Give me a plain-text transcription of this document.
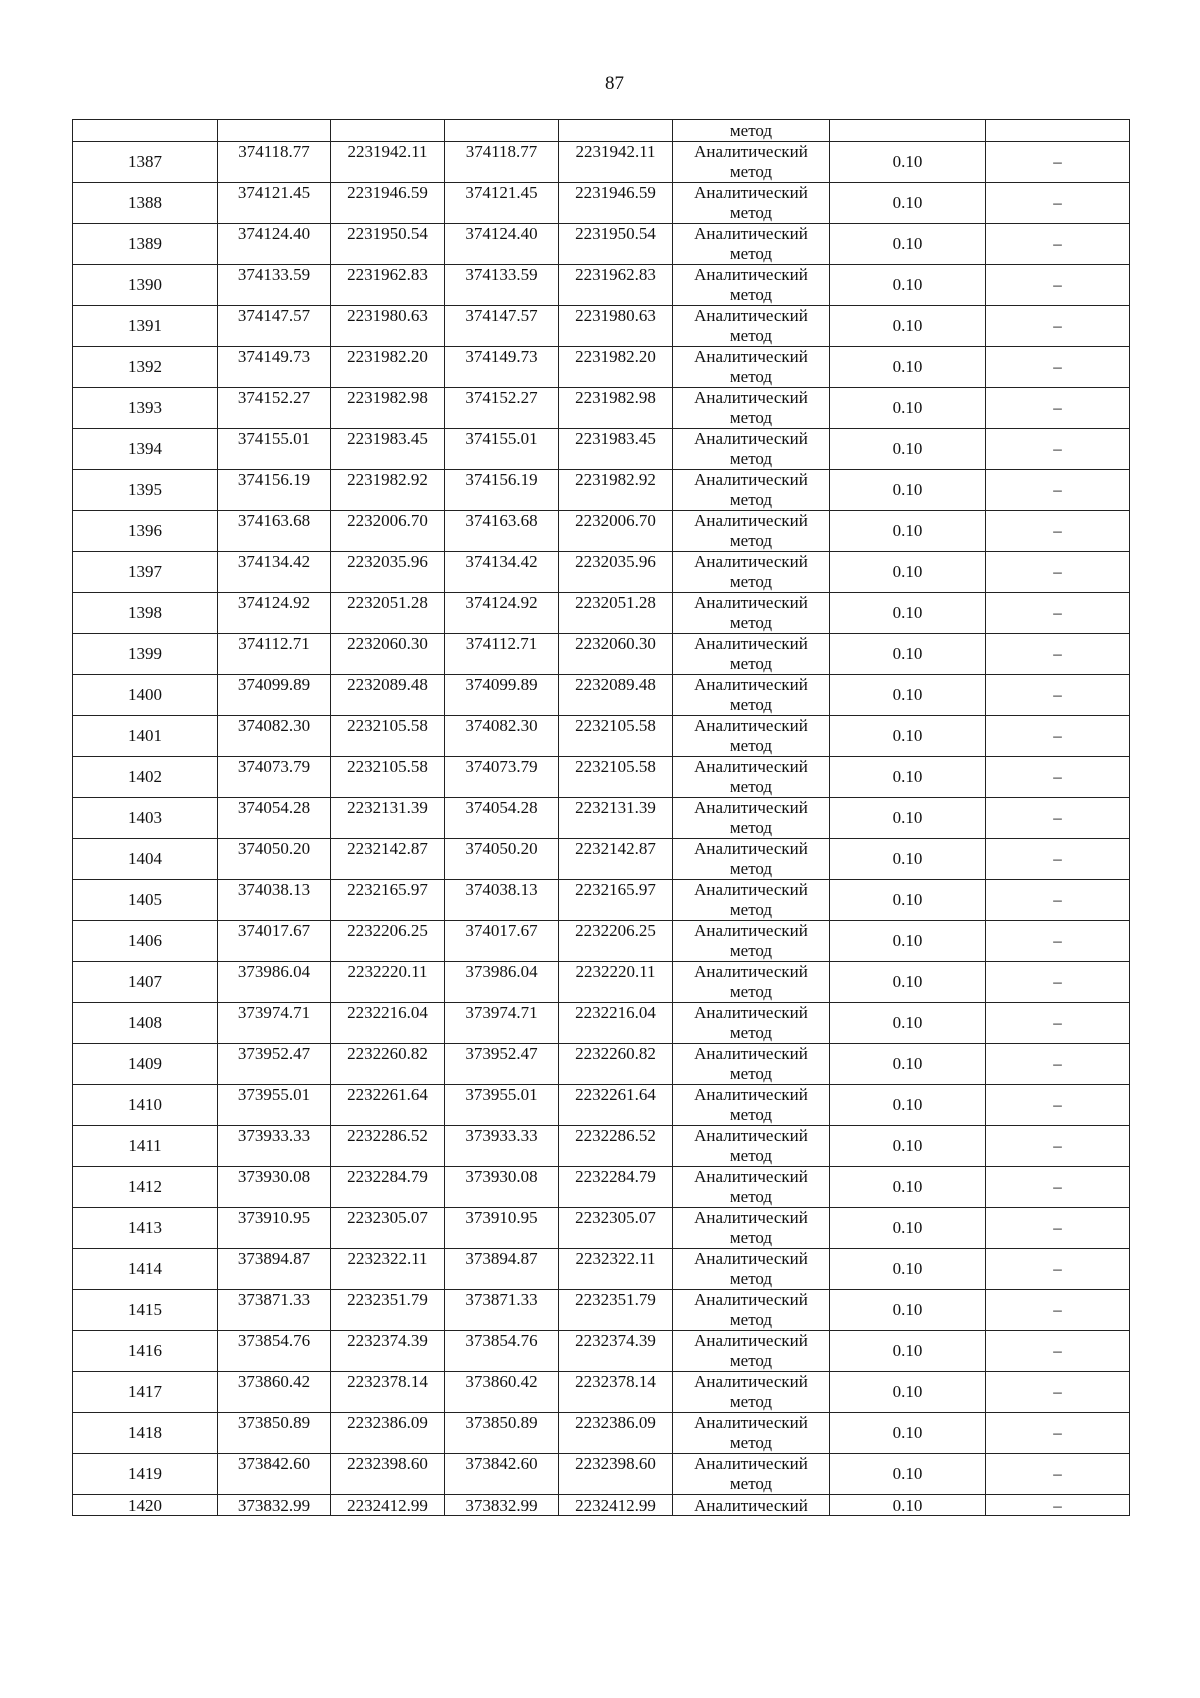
87
					метод		
1387	374118.77	2231942.11	374118.77	2231942.11	Аналитический
метод	0.10	–
1388	374121.45	2231946.59	374121.45	2231946.59	Аналитический
метод	0.10	–
1389	374124.40	2231950.54	374124.40	2231950.54	Аналитический
метод	0.10	–
1390	374133.59	2231962.83	374133.59	2231962.83	Аналитический
метод	0.10	–
1391	374147.57	2231980.63	374147.57	2231980.63	Аналитический
метод	0.10	–
1392	374149.73	2231982.20	374149.73	2231982.20	Аналитический
метод	0.10	–
1393	374152.27	2231982.98	374152.27	2231982.98	Аналитический
метод	0.10	–
1394	374155.01	2231983.45	374155.01	2231983.45	Аналитический
метод	0.10	–
1395	374156.19	2231982.92	374156.19	2231982.92	Аналитический
метод	0.10	–
1396	374163.68	2232006.70	374163.68	2232006.70	Аналитический
метод	0.10	–
1397	374134.42	2232035.96	374134.42	2232035.96	Аналитический
метод	0.10	–
1398	374124.92	2232051.28	374124.92	2232051.28	Аналитический
метод	0.10	–
1399	374112.71	2232060.30	374112.71	2232060.30	Аналитический
метод	0.10	–
1400	374099.89	2232089.48	374099.89	2232089.48	Аналитический
метод	0.10	–
1401	374082.30	2232105.58	374082.30	2232105.58	Аналитический
метод	0.10	–
1402	374073.79	2232105.58	374073.79	2232105.58	Аналитический
метод	0.10	–
1403	374054.28	2232131.39	374054.28	2232131.39	Аналитический
метод	0.10	–
1404	374050.20	2232142.87	374050.20	2232142.87	Аналитический
метод	0.10	–
1405	374038.13	2232165.97	374038.13	2232165.97	Аналитический
метод	0.10	–
1406	374017.67	2232206.25	374017.67	2232206.25	Аналитический
метод	0.10	–
1407	373986.04	2232220.11	373986.04	2232220.11	Аналитический
метод	0.10	–
1408	373974.71	2232216.04	373974.71	2232216.04	Аналитический
метод	0.10	–
1409	373952.47	2232260.82	373952.47	2232260.82	Аналитический
метод	0.10	–
1410	373955.01	2232261.64	373955.01	2232261.64	Аналитический
метод	0.10	–
1411	373933.33	2232286.52	373933.33	2232286.52	Аналитический
метод	0.10	–
1412	373930.08	2232284.79	373930.08	2232284.79	Аналитический
метод	0.10	–
1413	373910.95	2232305.07	373910.95	2232305.07	Аналитический
метод	0.10	–
1414	373894.87	2232322.11	373894.87	2232322.11	Аналитический
метод	0.10	–
1415	373871.33	2232351.79	373871.33	2232351.79	Аналитический
метод	0.10	–
1416	373854.76	2232374.39	373854.76	2232374.39	Аналитический
метод	0.10	–
1417	373860.42	2232378.14	373860.42	2232378.14	Аналитический
метод	0.10	–
1418	373850.89	2232386.09	373850.89	2232386.09	Аналитический
метод	0.10	–
1419	373842.60	2232398.60	373842.60	2232398.60	Аналитический
метод	0.10	–
1420	373832.99	2232412.99	373832.99	2232412.99	Аналитический	0.10	–
